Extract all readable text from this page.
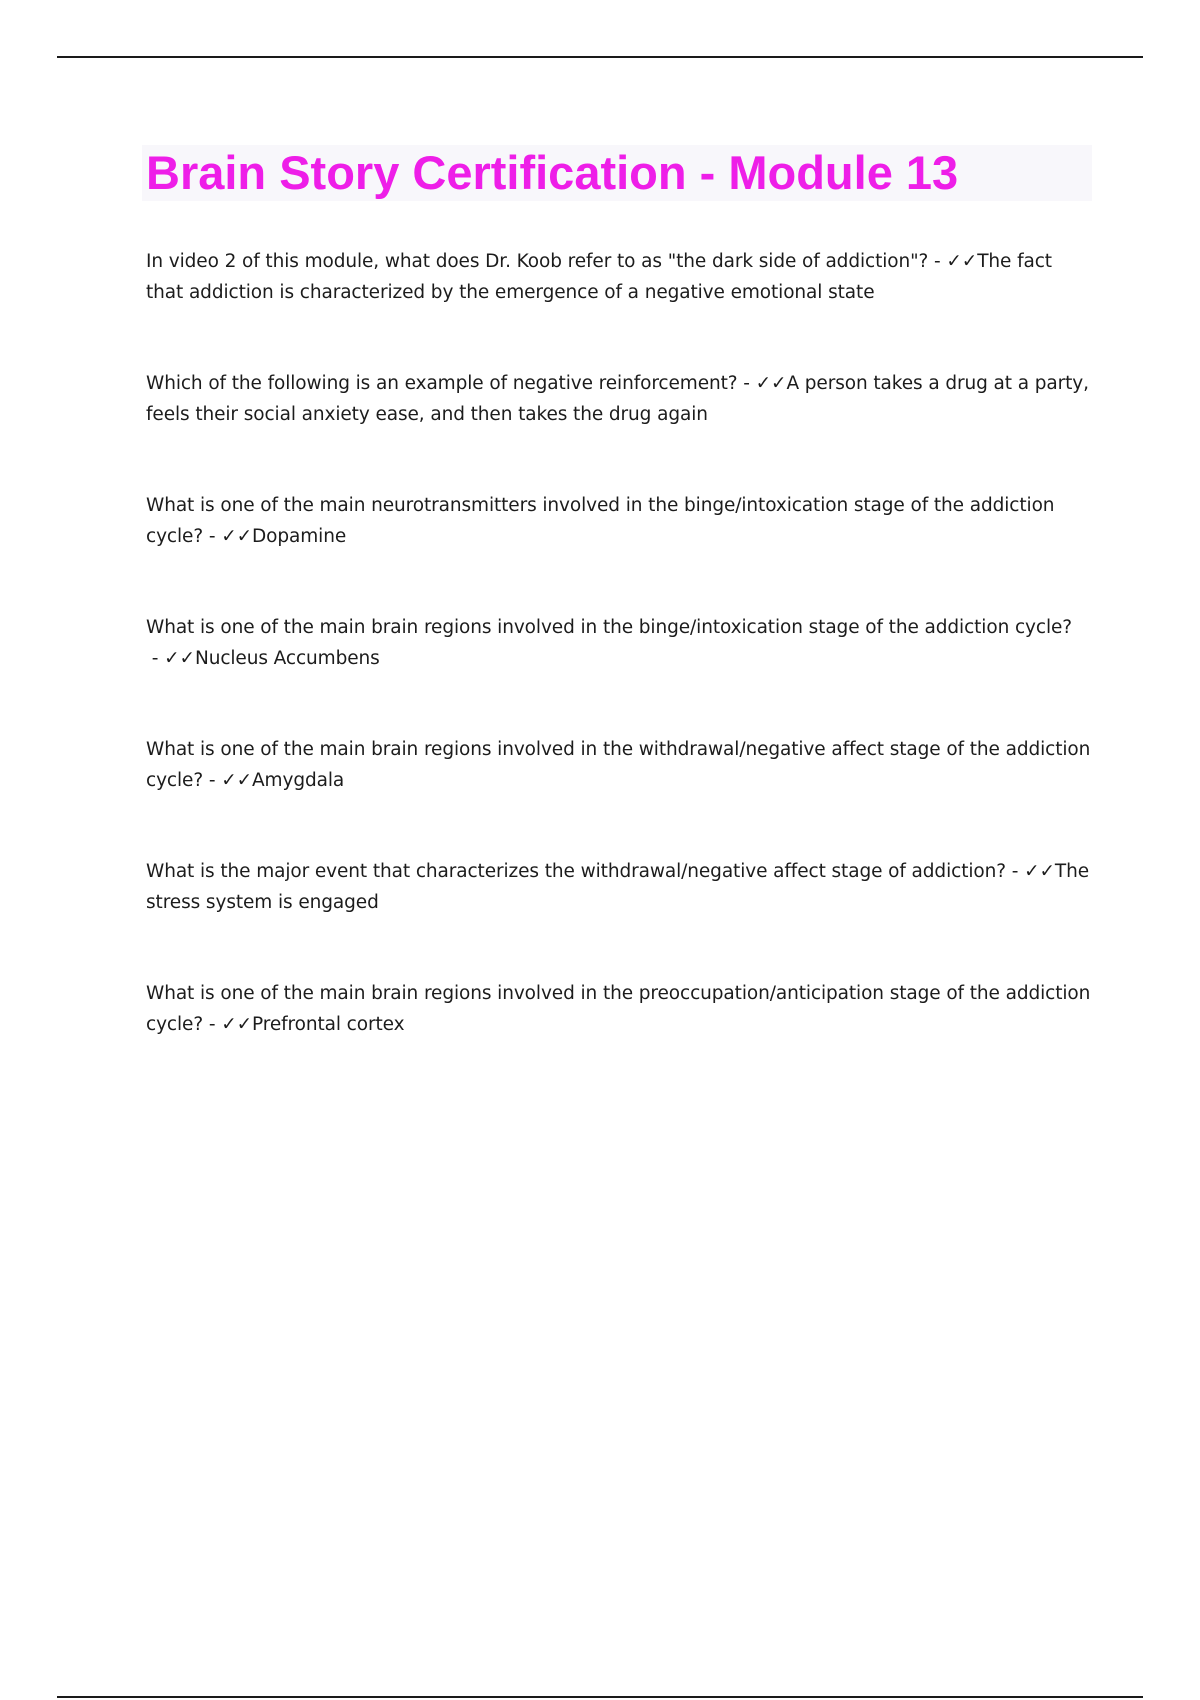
Brain Story Certification - Module 13

In video 2 of this module, what does Dr. Koob refer to as "the dark side of addiction"? - ✓✓The fact that addiction is characterized by the emergence of a negative emotional state

Which of the following is an example of negative reinforcement? - ✓✓A person takes a drug at a party, feels their social anxiety ease, and then takes the drug again

What is one of the main neurotransmitters involved in the binge/intoxication stage of the addiction cycle? - ✓✓Dopamine

What is one of the main brain regions involved in the binge/intoxication stage of the addiction cycle? - ✓✓Nucleus Accumbens

What is one of the main brain regions involved in the withdrawal/negative affect stage of the addiction cycle? - ✓✓Amygdala

What is the major event that characterizes the withdrawal/negative affect stage of addiction? - ✓✓The stress system is engaged

What is one of the main brain regions involved in the preoccupation/anticipation stage of the addiction cycle? - ✓✓Prefrontal cortex
